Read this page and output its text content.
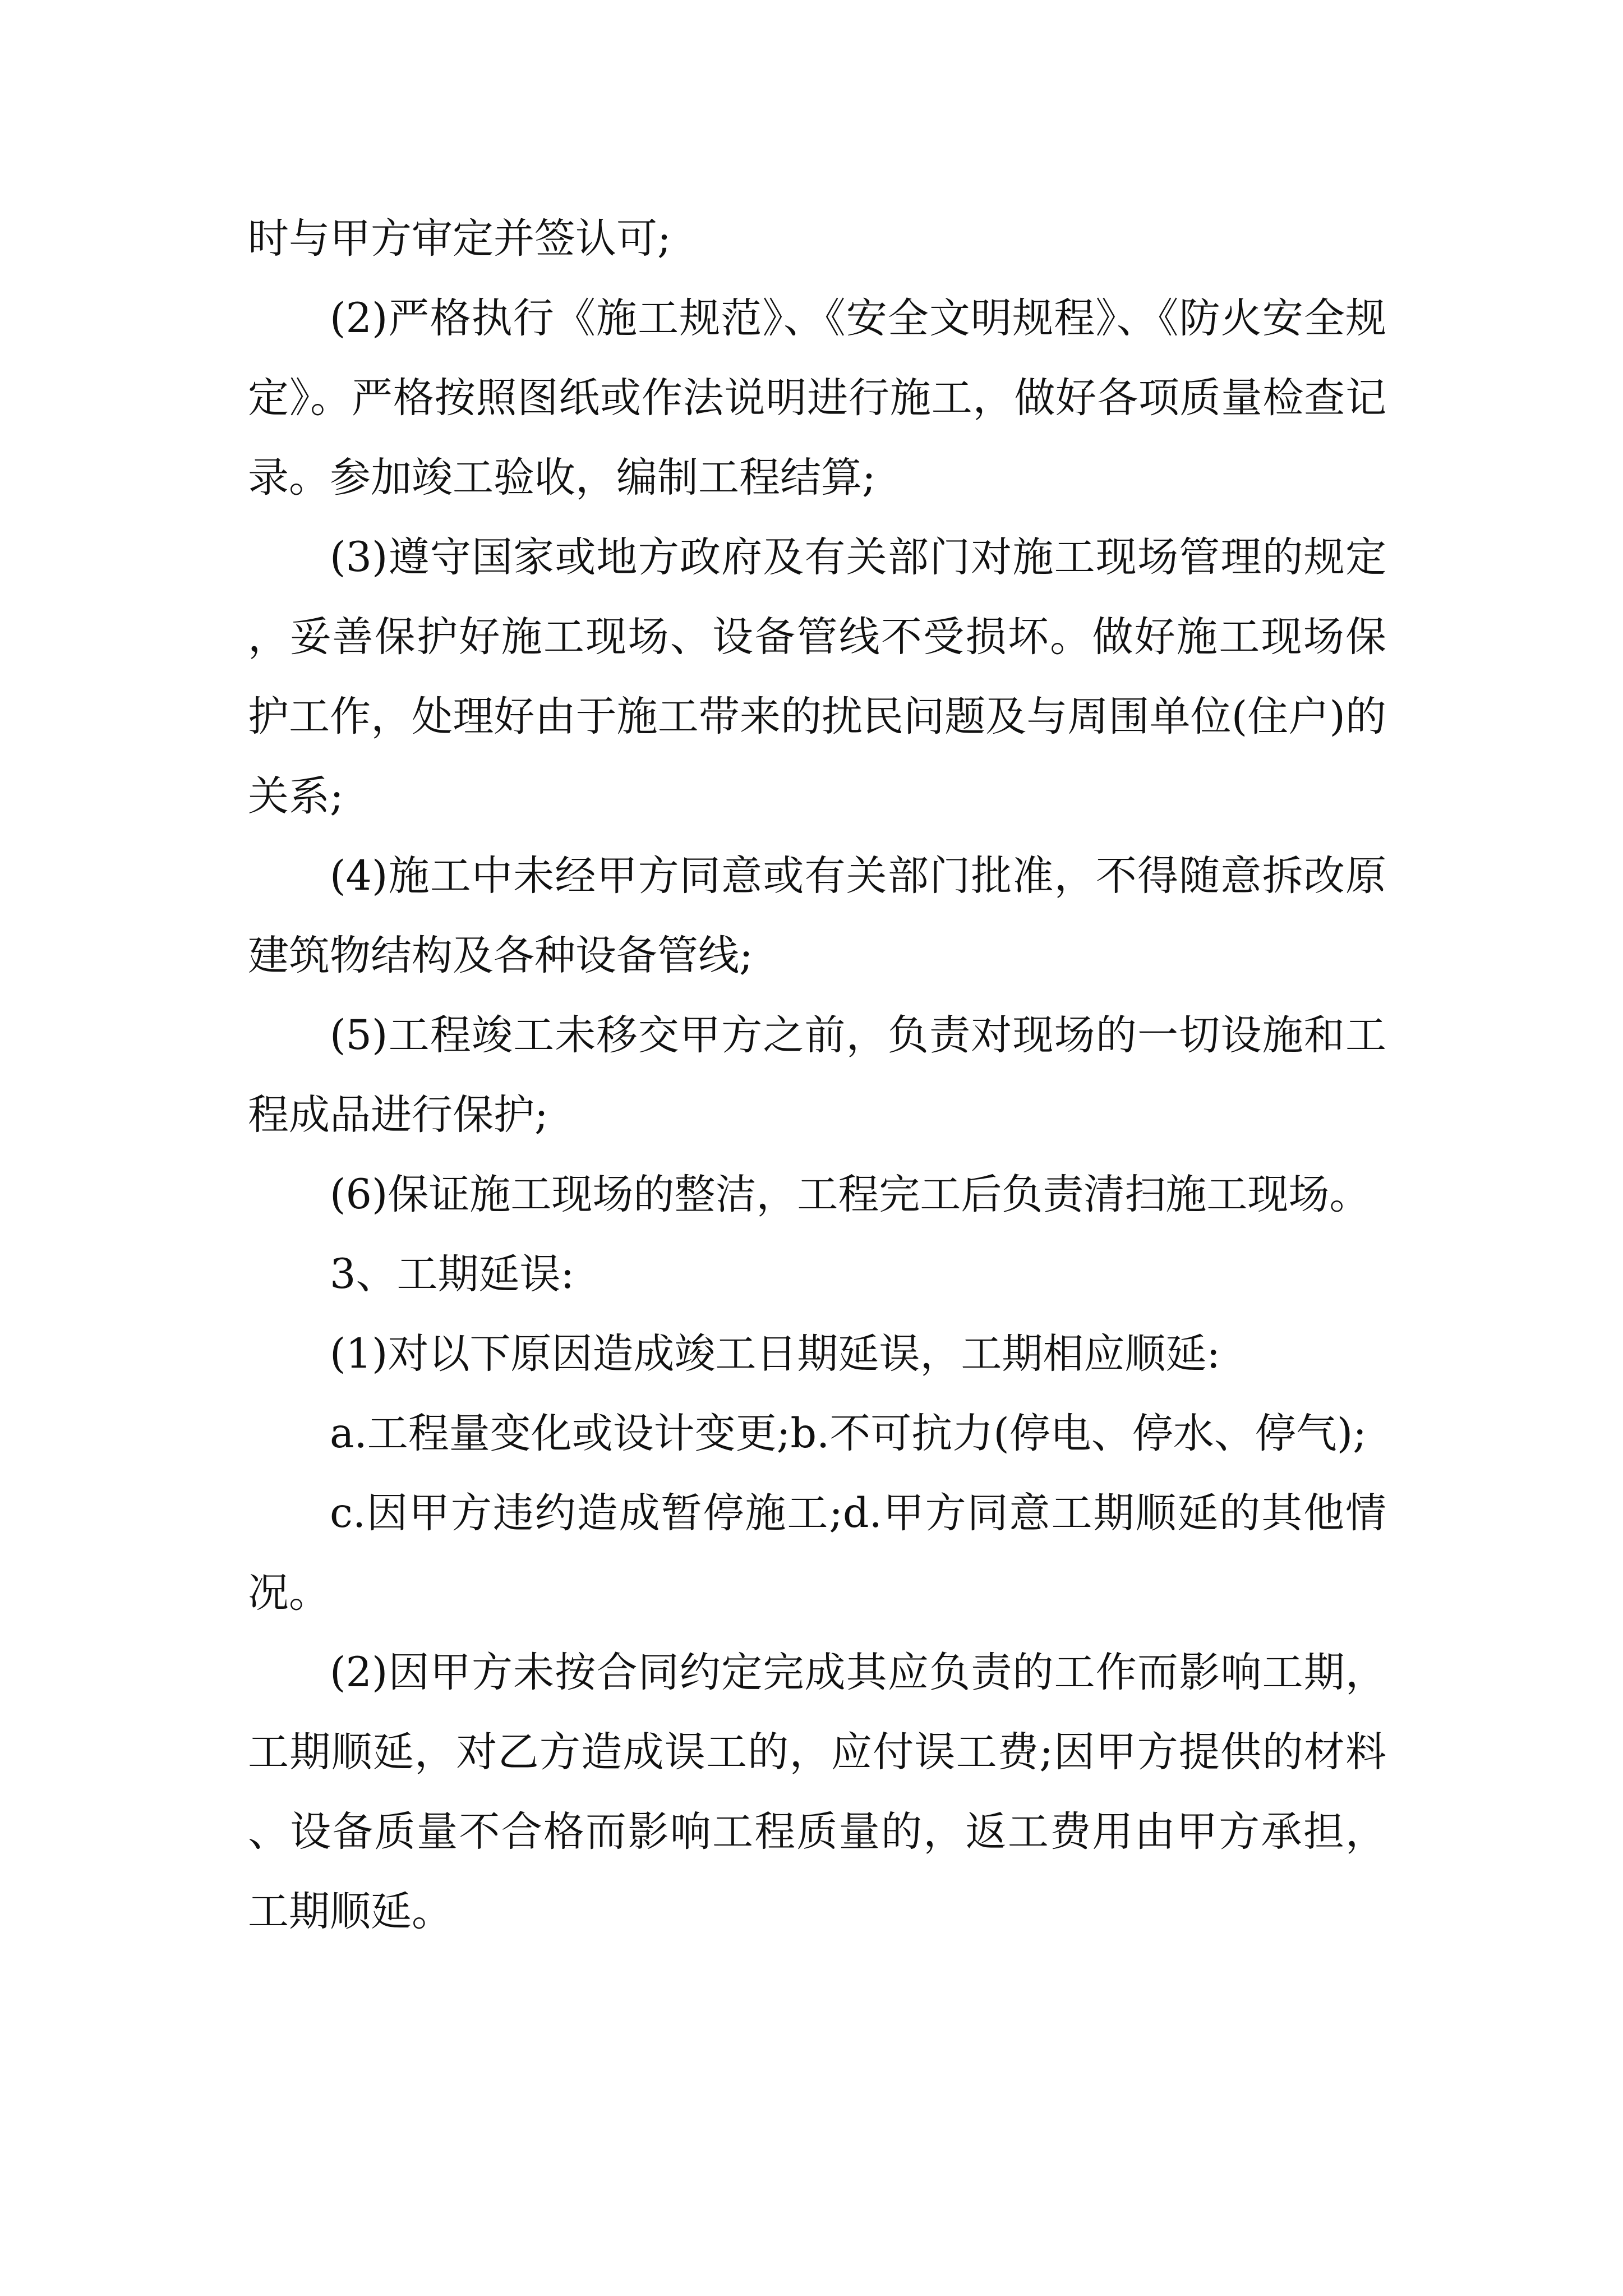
时与甲方审定并签认可;

(2)严格执行《施工规范》、《安全文明规程》、《防火安全规定》。严格按照图纸或作法说明进行施工，做好各项质量检查记录。参加竣工验收，编制工程结算;

(3)遵守国家或地方政府及有关部门对施工现场管理的规定，妥善保护好施工现场、设备管线不受损坏。做好施工现场保护工作，处理好由于施工带来的扰民问题及与周围单位(住户)的关系;

(4)施工中未经甲方同意或有关部门批准，不得随意拆改原建筑物结构及各种设备管线;

(5)工程竣工未移交甲方之前，负责对现场的一切设施和工程成品进行保护;

(6)保证施工现场的整洁，工程完工后负责清扫施工现场。

3、工期延误:

(1)对以下原因造成竣工日期延误，工期相应顺延:

a.工程量变化或设计变更;b.不可抗力(停电、停水、停气);

c.因甲方违约造成暂停施工;d.甲方同意工期顺延的其他情况。

(2)因甲方未按合同约定完成其应负责的工作而影响工期，工期顺延，对乙方造成误工的，应付误工费;因甲方提供的材料、设备质量不合格而影响工程质量的，返工费用由甲方承担，工期顺延。
